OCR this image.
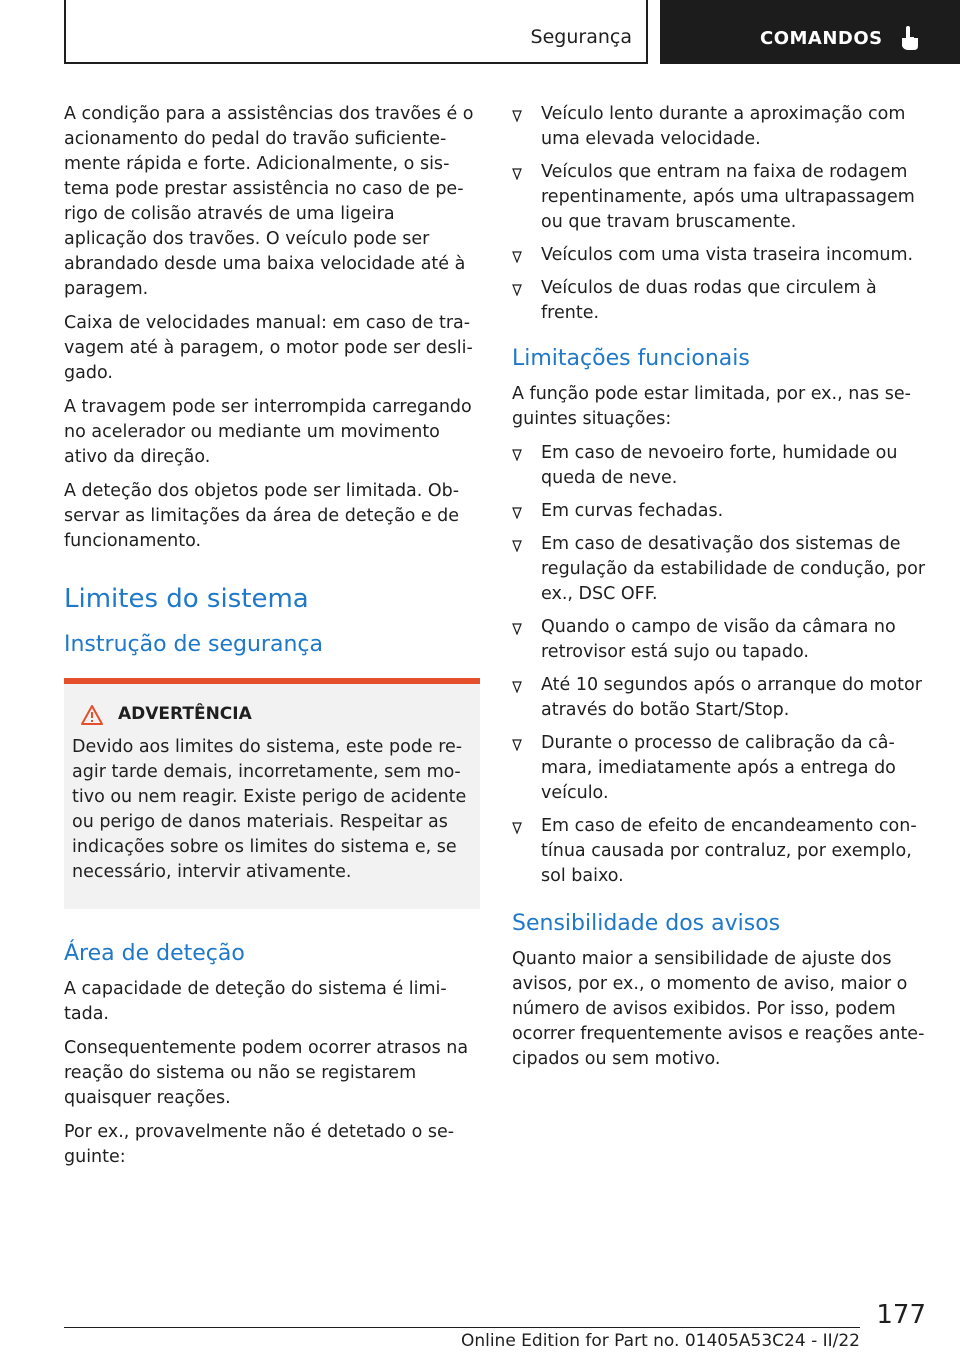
Segurança	COMANDOS

A condição para a assistências dos travões é o acionamento do pedal do travão suficientemente rápida e forte. Adicionalmente, o sistema pode prestar assistência no caso de perigo de colisão através de uma ligeira aplicação dos travões. O veículo pode ser abrandado desde uma baixa velocidade até à paragem.

Caixa de velocidades manual: em caso de travagem até à paragem, o motor pode ser desligado.

A travagem pode ser interrompida carregando no acelerador ou mediante um movimento ativo da direção.

A deteção dos objetos pode ser limitada. Observar as limitações da área de deteção e de funcionamento.

Limites do sistema
Instrução de segurança
ADVERTÊNCIA

Devido aos limites do sistema, este pode reagir tarde demais, incorretamente, sem motivo ou nem reagir. Existe perigo de acidente ou perigo de danos materiais. Respeitar as indicações sobre os limites do sistema e, se necessário, intervir ativamente.

Área de deteção

A capacidade de deteção do sistema é limitada.

Consequentemente podem ocorrer atrasos na reação do sistema ou não se registarem quaisquer reações.

Por ex., provavelmente não é detetado o seguinte:

Veículo lento durante a aproximação com uma elevada velocidade.
Veículos que entram na faixa de rodagem repentinamente, após uma ultrapassagem ou que travam bruscamente.
Veículos com uma vista traseira incomum.
Veículos de duas rodas que circulem à frente.
Limitações funcionais

A função pode estar limitada, por ex., nas seguintes situações:

Em caso de nevoeiro forte, humidade ou queda de neve.
Em curvas fechadas.
Em caso de desativação dos sistemas de regulação da estabilidade de condução, por ex., DSC OFF.
Quando o campo de visão da câmara no retrovisor está sujo ou tapado.
Até 10 segundos após o arranque do motor através do botão Start/Stop.
Durante o processo de calibração da câmara, imediatamente após a entrega do veículo.
Em caso de efeito de encandeamento contínua causada por contraluz, por exemplo, sol baixo.
Sensibilidade dos avisos

Quanto maior a sensibilidade de ajuste dos avisos, por ex., o momento de aviso, maior o número de avisos exibidos. Por isso, podem ocorrer frequentemente avisos e reações antecipados ou sem motivo.

177
Online Edition for Part no. 01405A53C24 - II/22
